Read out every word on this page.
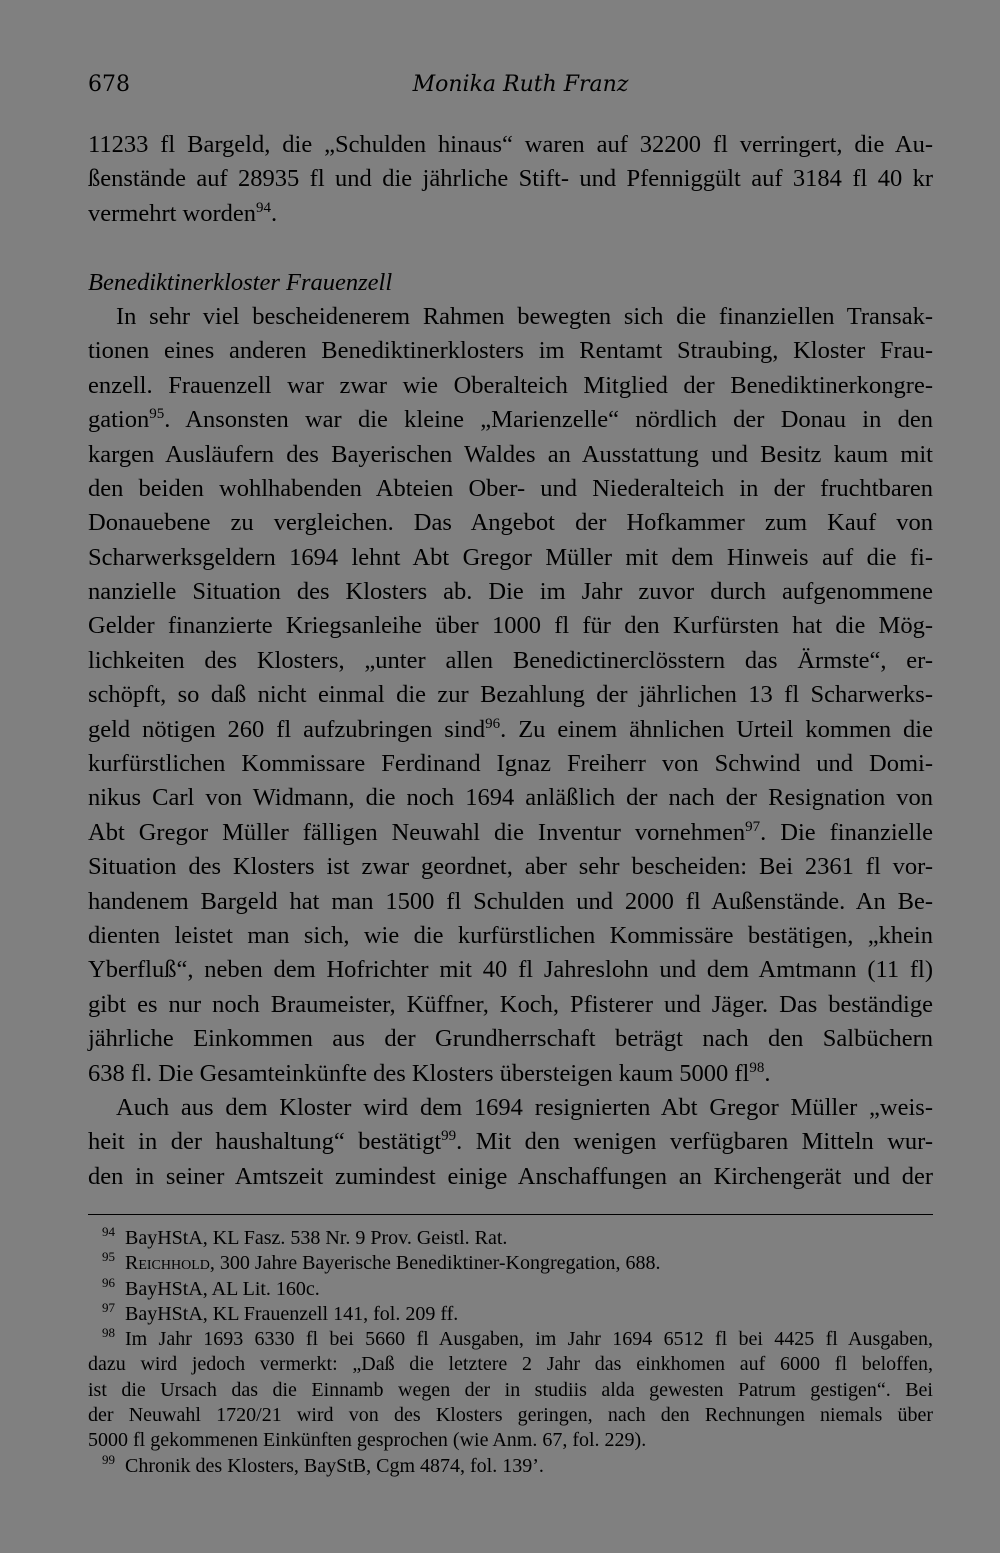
678	Monika Ruth Franz
11233 fl Bargeld, die „Schulden hinaus“ waren auf 32200 fl verringert, die Au-
ßenstände auf 28935 fl und die jährliche Stift- und Pfenniggült auf 3184 fl 40 kr
vermehrt worden$^{94}$.
Benediktinerkloster Frauenzell
In sehr viel bescheidenerem Rahmen bewegten sich die finanziellen Transak-
tionen eines anderen Benediktinerklosters im Rentamt Straubing, Kloster Frau-
enzell. Frauenzell war zwar wie Oberalteich Mitglied der Benediktinerkongre-
gation$^{95}$. Ansonsten war die kleine „Marienzelle“ nördlich der Donau in den
kargen Ausläufern des Bayerischen Waldes an Ausstattung und Besitz kaum mit
den beiden wohlhabenden Abteien Ober- und Niederalteich in der fruchtbaren
Donauebene zu vergleichen. Das Angebot der Hofkammer zum Kauf von
Scharwerksgeldern 1694 lehnt Abt Gregor Müller mit dem Hinweis auf die fi-
nanzielle Situation des Klosters ab. Die im Jahr zuvor durch aufgenommene
Gelder finanzierte Kriegsanleihe über 1000 fl für den Kurfürsten hat die Mög-
lichkeiten des Klosters, „unter allen Benedictinerclösstern das Ärmste“, er-
schöpft, so daß nicht einmal die zur Bezahlung der jährlichen 13 fl Scharwerks-
geld nötigen 260 fl aufzubringen sind$^{96}$. Zu einem ähnlichen Urteil kommen die
kurfürstlichen Kommissare Ferdinand Ignaz Freiherr von Schwind und Domi-
nikus Carl von Widmann, die noch 1694 anläßlich der nach der Resignation von
Abt Gregor Müller fälligen Neuwahl die Inventur vornehmen$^{97}$. Die finanzielle
Situation des Klosters ist zwar geordnet, aber sehr bescheiden: Bei 2361 fl vor-
handenem Bargeld hat man 1500 fl Schulden und 2000 fl Außenstände. An Be-
dienten leistet man sich, wie die kurfürstlichen Kommissäre bestätigen, „khein
Yberfluß“, neben dem Hofrichter mit 40 fl Jahreslohn und dem Amtmann (11 fl)
gibt es nur noch Braumeister, Küffner, Koch, Pfisterer und Jäger. Das beständige
jährliche Einkommen aus der Grundherrschaft beträgt nach den Salbüchern
638 fl. Die Gesamteinkünfte des Klosters übersteigen kaum 5000 $fl^{98}$.
Auch aus dem Kloster wird dem 1694 resignierten Abt Gregor Müller „weis-
heit in der haushaltung“ bestätigt$^{99}$. Mit den wenigen verfügbaren Mitteln wur-
den in seiner Amtszeit zumindest einige Anschaffungen an Kirchengerät und der
$^{94}$ BayHStA, KL Fasz. 538 Nr. 9 Prov. Geistl. Rat.
$^{95}$ Reichhold, 300 Jahre Bayerische Benediktiner-Kongregation, 688.
$^{96}$ BayHStA, AL Lit. 160c.
$^{97}$ BayHStA, KL Frauenzell 141, fol. 209 ff.
$^{98}$ Im Jahr 1693 6330 fl bei 5660 fl Ausgaben, im Jahr 1694 6512 fl bei 4425 fl Ausgaben,
dazu wird jedoch vermerkt: „Daß die letztere 2 Jahr das einkhomen auf 6000 fl beloffen,
ist die Ursach das die Einnamb wegen der in studiis alda gewesten Patrum gestigen“. Bei
der Neuwahl 1720/21 wird von des Klosters geringen, nach den Rechnungen niemals über
5000 fl gekommenen Einkünften gesprochen (wie Anm. 67, fol. 229).
$^{99}$ Chronik des Klosters, BayStB, Cgm 4874, fol. 139’.
